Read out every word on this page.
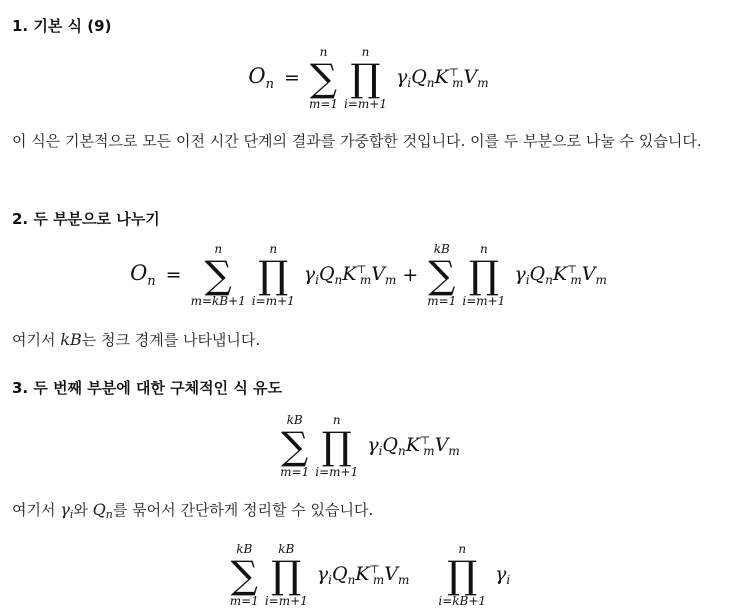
1. 기본 식 (9)
$O_n$ =
n
∑
m=1
n
∏
i=m+1
$\gamma_iQ_nK^⊤_mV_m$

이 식은 기본적으로 모든 이전 시간 단계의 결과를 가중합한 것입니다. 이를 두 부분으로 나눌 수 있습니다.

2. 두 부분으로 나누기
$O_n$ =
n
∑
m=kB+1
n
∏
i=m+1
$\gamma_iQ_nK^⊤_mV_m$ +
kB
∑
m=1
n
∏
i=m+1
$\gamma_iQ_nK^⊤_mV_m$

여기서 kB는 청크 경계를 나타냅니다.

3. 두 번째 부분에 대한 구체적인 식 유도
kB
∑
m=1
n
∏
i=m+1
$\gamma_iQ_nK^⊤_mV_m$

여기서 $\gamma_i$와 $Q_n$를 묶어서 간단하게 정리할 수 있습니다.

kB
∑
m=1
kB
∏
i=m+1
$\gamma_iQ_nK^⊤_mV_m$
n
∏
i=kB+1
$\gamma_i$
